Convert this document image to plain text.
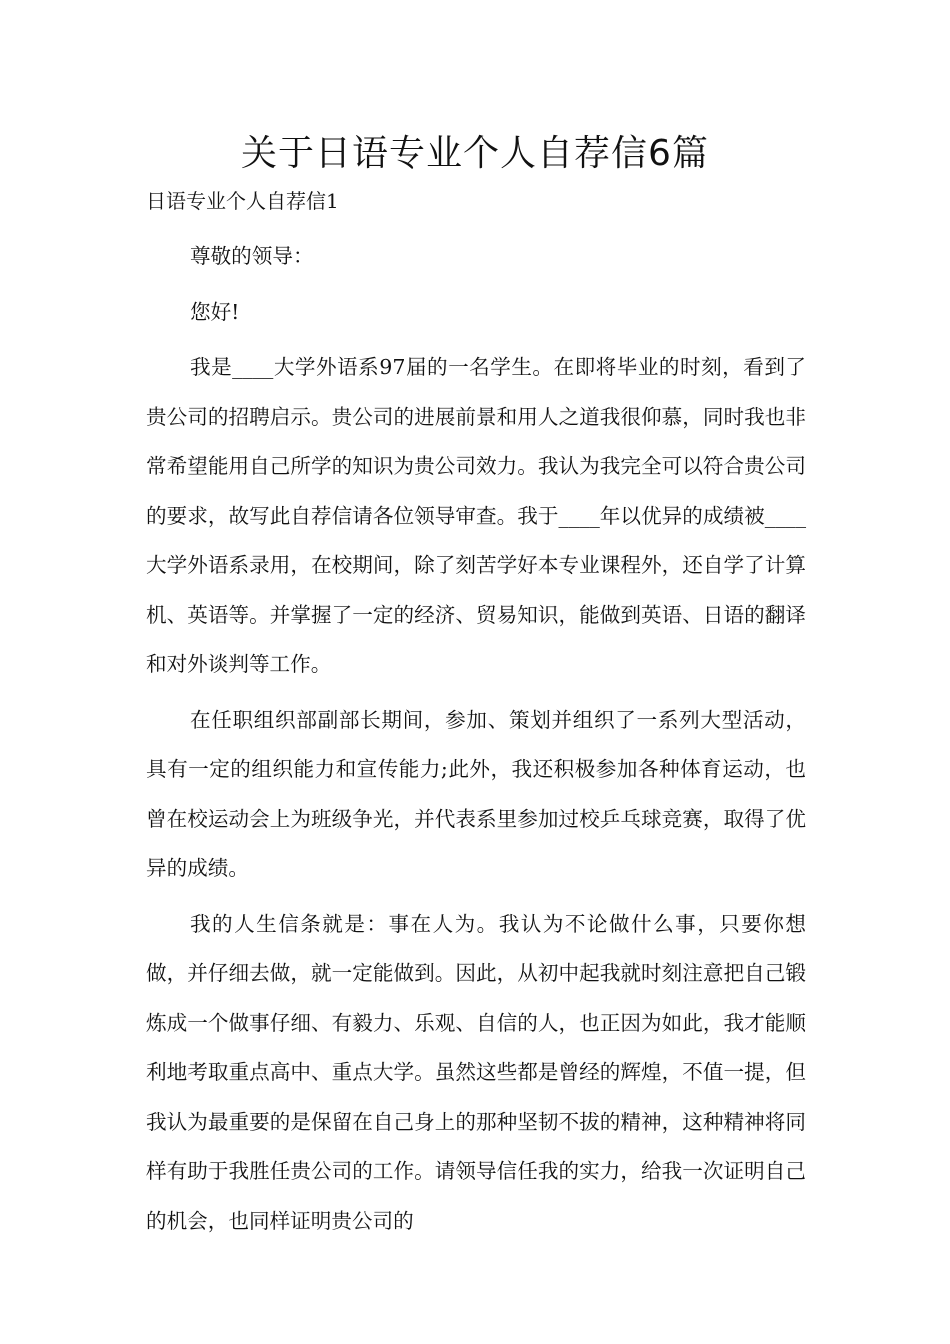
关于日语专业个人自荐信6篇

日语专业个人自荐信1

尊敬的领导：

您好!

我是____大学外语系97届的一名学生。在即将毕业的时刻，看到了贵公司的招聘启示。贵公司的进展前景和用人之道我很仰慕，同时我也非常希望能用自己所学的知识为贵公司效力。我认为我完全可以符合贵公司的要求，故写此自荐信请各位领导审查。我于____年以优异的成绩被____大学外语系录用，在校期间，除了刻苦学好本专业课程外，还自学了计算机、英语等。并掌握了一定的经济、贸易知识，能做到英语、日语的翻译和对外谈判等工作。

在任职组织部副部长期间，参加、策划并组织了一系列大型活动，具有一定的组织能力和宣传能力;此外，我还积极参加各种体育运动，也曾在校运动会上为班级争光，并代表系里参加过校乒乓球竞赛，取得了优异的成绩。

我的人生信条就是：事在人为。我认为不论做什么事，只要你想做，并仔细去做，就一定能做到。因此，从初中起我就时刻注意把自己锻炼成一个做事仔细、有毅力、乐观、自信的人，也正因为如此，我才能顺利地考取重点高中、重点大学。虽然这些都是曾经的辉煌，不值一提，但我认为最重要的是保留在自己身上的那种坚韧不拔的精神，这种精神将同样有助于我胜任贵公司的工作。请领导信任我的实力，给我一次证明自己的机会，也同样证明贵公司的
